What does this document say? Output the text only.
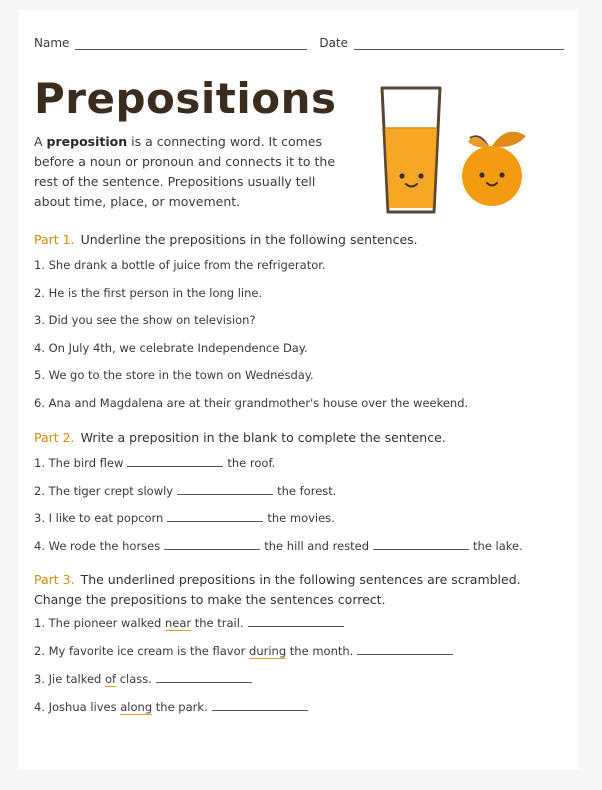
Name	Date
Prepositions
A preposition is a connecting word. It comes before a noun or pronoun and connects it to the rest of the sentence. Prepositions usually tell about time, place, or movement.
Part 1. Underline the prepositions in the following sentences.
1. She drank a bottle of juice from the refrigerator.
2. He is the first person in the long line.
3. Did you see the show on television?
4. On July 4th, we celebrate Independence Day.
5. We go to the store in the town on Wednesday.
6. Ana and Magdalena are at their grandmother's house over the weekend.
Part 2. Write a preposition in the blank to complete the sentence.
1. The bird flew	the roof.
2. The tiger crept slowly	the forest.
3. I like to eat popcorn	the movies.
4. We rode the horses	the hill and rested	the lake.
Part 3. The underlined prepositions in the following sentences are scrambled.
Change the prepositions to make the sentences correct.
1. The pioneer walked near the trail.
2. My favorite ice cream is the flavor during the month.
3. Jie talked of class.
4. Joshua lives along the park.
